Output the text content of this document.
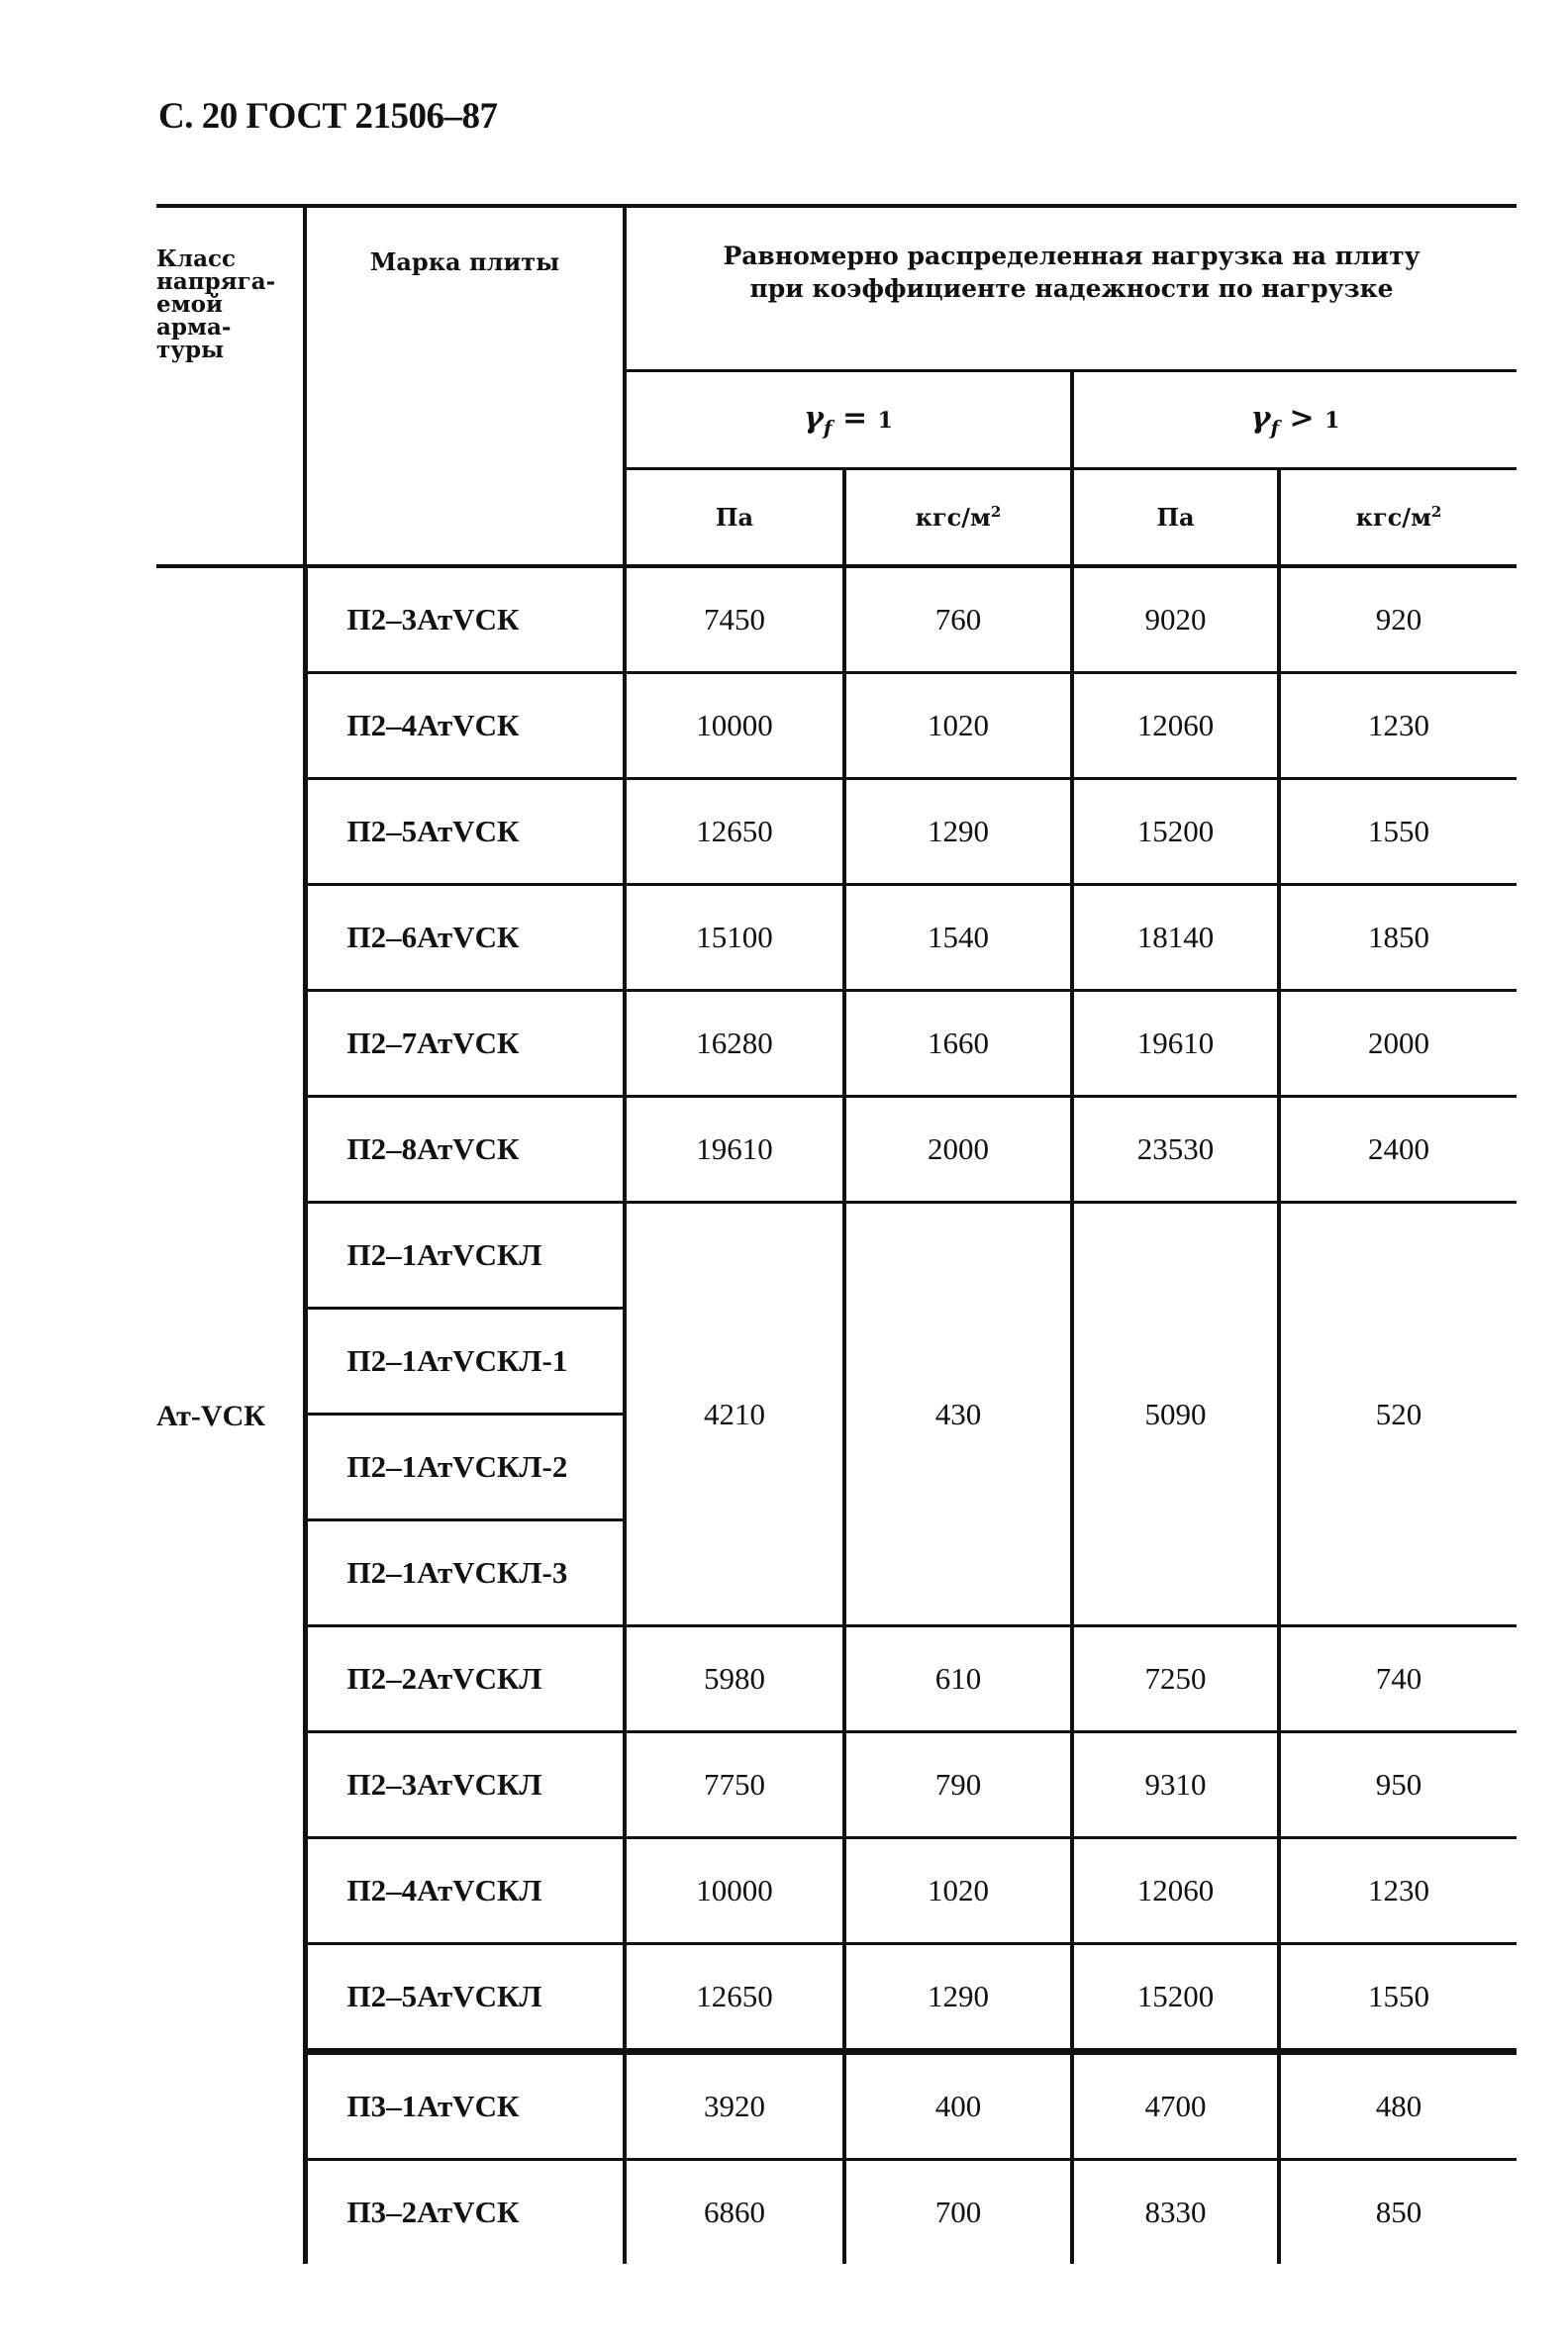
С. 20 ГОСТ 21506–87
Класс
напряга-
емой
арма-
туры	Марка плиты	Равномерно распределенная нагрузка на плиту
при коэффициенте надежности по нагрузке			

		$\gamma_f = 1$		$\gamma_f > 1$	
		Па	кгс/$м^2$	Па	кгс/$м^2$
Ат-VСК	П2–3АтVСК	7450	760	9020	920
	П2–4АтVСК	10000	1020	12060	1230
	П2–5АтVСК	12650	1290	15200	1550
	П2–6АтVСК	15100	1540	18140	1850
	П2–7АтVСК	16280	1660	19610	2000
	П2–8АтVСК	19610	2000	23530	2400
	П2–1АтVСКЛ	4210	430	5090	520
	П2–1АтVСКЛ-1				
	П2–1АтVСКЛ-2				
	П2–1АтVСКЛ-3				
	П2–2АтVСКЛ	5980	610	7250	740
	П2–3АтVСКЛ	7750	790	9310	950
	П2–4АтVСКЛ	10000	1020	12060	1230
	П2–5АтVСКЛ	12650	1290	15200	1550
	П3–1АтVСК	3920	400	4700	480
	П3–2АтVСК	6860	700	8330	850
